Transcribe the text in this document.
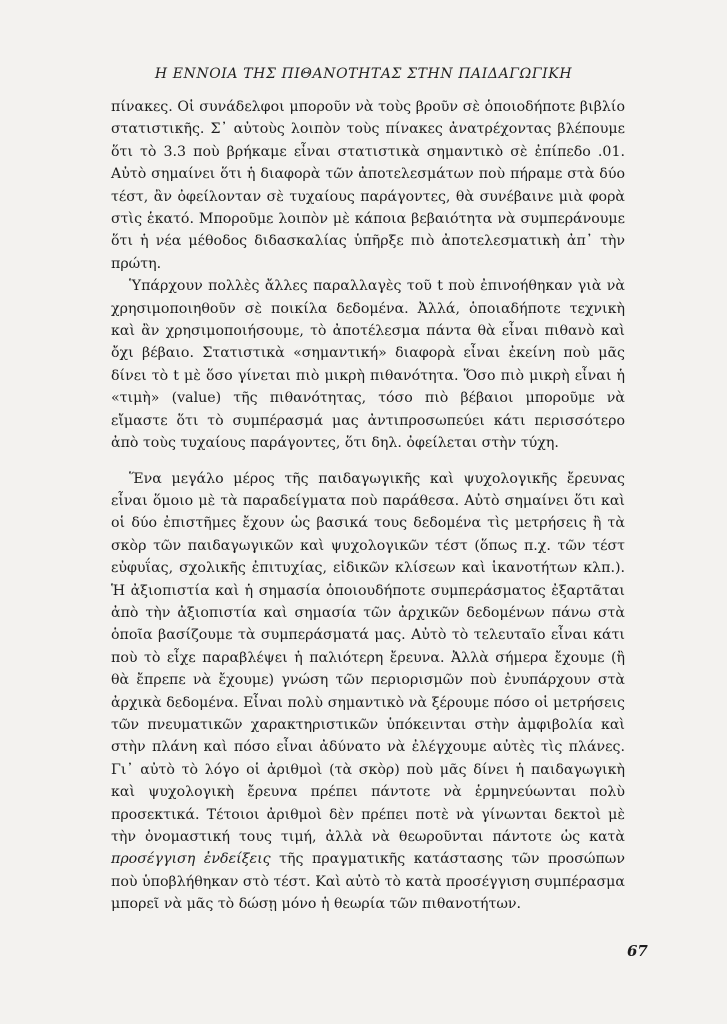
Η ΕΝΝΟΙΑ ΤΗΣ ΠΙΘΑΝΟΤΗΤΑΣ ΣΤΗΝ ΠΑΙΔΑΓΩΓΙΚΗ

πίνακες. Οἱ συνάδελφοι μποροῦν νὰ τοὺς βροῦν σὲ ὁποιοδήποτε βιβλίο στατιστικῆς. Σ᾽ αὐτοὺς λοιπὸν τοὺς πίνακες ἀνατρέχοντας βλέπουμε ὅτι τὸ 3.3 ποὺ βρήκαμε εἶναι στατιστικὰ σημαντικὸ σὲ ἐπίπεδο .01. Αὐτὸ σημαίνει ὅτι ἡ διαφορὰ τῶν ἀποτελεσμάτων ποὺ πήραμε στὰ δύο τέστ, ἂν ὀφείλονταν σὲ τυχαίους παράγοντες, θὰ συνέβαινε μιὰ φορὰ στὶς ἑκατό. Μποροῦμε λοιπὸν μὲ κάποια βεβαιότητα νὰ συμπεράνουμε ὅτι ἡ νέα μέθοδος διδασκαλίας ὑπῆρξε πιὸ ἀποτελεσματικὴ ἀπ᾽ τὴν πρώτη.

Ὑπάρχουν πολλὲς ἄλλες παραλλαγὲς τοῦ t ποὺ ἐπινοήθηκαν γιὰ νὰ χρησιμοποιηθοῦν σὲ ποικίλα δεδομένα. Ἀλλά, ὁποιαδήποτε τεχνικὴ καὶ ἂν χρησιμοποιήσουμε, τὸ ἀποτέλεσμα πάντα θὰ εἶναι πιθανὸ καὶ ὄχι βέβαιο. Στατιστικὰ «σημαντική» διαφορὰ εἶναι ἐκείνη ποὺ μᾶς δίνει τὸ t μὲ ὅσο γίνεται πιὸ μικρὴ πιθανότητα. Ὅσο πιὸ μικρὴ εἶναι ἡ «τιμὴ» (value) τῆς πιθανότητας, τόσο πιὸ βέβαιοι μποροῦμε νὰ εἴμαστε ὅτι τὸ συμπέρασμά μας ἀντιπροσωπεύει κάτι περισσότερο ἀπὸ τοὺς τυχαίους παράγοντες, ὅτι δηλ. ὀφείλεται στὴν τύχη.

Ἕνα μεγάλο μέρος τῆς παιδαγωγικῆς καὶ ψυχολογικῆς ἔρευνας εἶναι ὅμοιο μὲ τὰ παραδείγματα ποὺ παράθεσα. Αὐτὸ σημαίνει ὅτι καὶ οἱ δύο ἐπιστῆμες ἔχουν ὡς βασικά τους δεδομένα τὶς μετρήσεις ἢ τὰ σκὸρ τῶν παιδαγωγικῶν καὶ ψυχολογικῶν τέστ (ὅπως π.χ. τῶν τέστ εὐφυΐας, σχολικῆς ἐπιτυχίας, εἰδικῶν κλίσεων καὶ ἱκανοτήτων κλπ.). Ἡ ἀξιοπιστία καὶ ἡ σημασία ὁποιουδήποτε συμπεράσματος ἐξαρτᾶται ἀπὸ τὴν ἀξιοπιστία καὶ σημασία τῶν ἀρχικῶν δεδομένων πάνω στὰ ὁποῖα βασίζουμε τὰ συμπεράσματά μας. Αὐτὸ τὸ τελευταῖο εἶναι κάτι ποὺ τὸ εἶχε παραβλέψει ἡ παλιότερη ἔρευνα. Ἀλλὰ σήμερα ἔχουμε (ἢ θὰ ἔπρεπε νὰ ἔχουμε) γνώση τῶν περιορισμῶν ποὺ ἐνυπάρχουν στὰ ἀρχικὰ δεδομένα. Εἶναι πολὺ σημαντικὸ νὰ ξέρουμε πόσο οἱ μετρήσεις τῶν πνευματικῶν χαρακτηριστικῶν ὑπόκεινται στὴν ἀμφιβολία καὶ στὴν πλάνη καὶ πόσο εἶναι ἀδύνατο νὰ ἐλέγχουμε αὐτὲς τὶς πλάνες. Γι᾽ αὐτὸ τὸ λόγο οἱ ἀριθμοὶ (τὰ σκὸρ) ποὺ μᾶς δίνει ἡ παιδαγωγικὴ καὶ ψυχολογικὴ ἔρευνα πρέπει πάντοτε νὰ ἑρμηνεύωνται πολὺ προσεκτικά. Τέτοιοι ἀριθμοὶ δὲν πρέπει ποτὲ νὰ γίνωνται δεκτοὶ μὲ τὴν ὀνομαστική τους τιμή, ἀλλὰ νὰ θεωροῦνται πάντοτε ὡς κατὰ προσέγγιση ἐνδείξεις τῆς πραγματικῆς κατάστασης τῶν προσώπων ποὺ ὑποβλήθηκαν στὸ τέστ. Καὶ αὐτὸ τὸ κατὰ προσέγγιση συμπέρασμα μπορεῖ νὰ μᾶς τὸ δώσῃ μόνο ἡ θεωρία τῶν πιθανοτήτων.

67
